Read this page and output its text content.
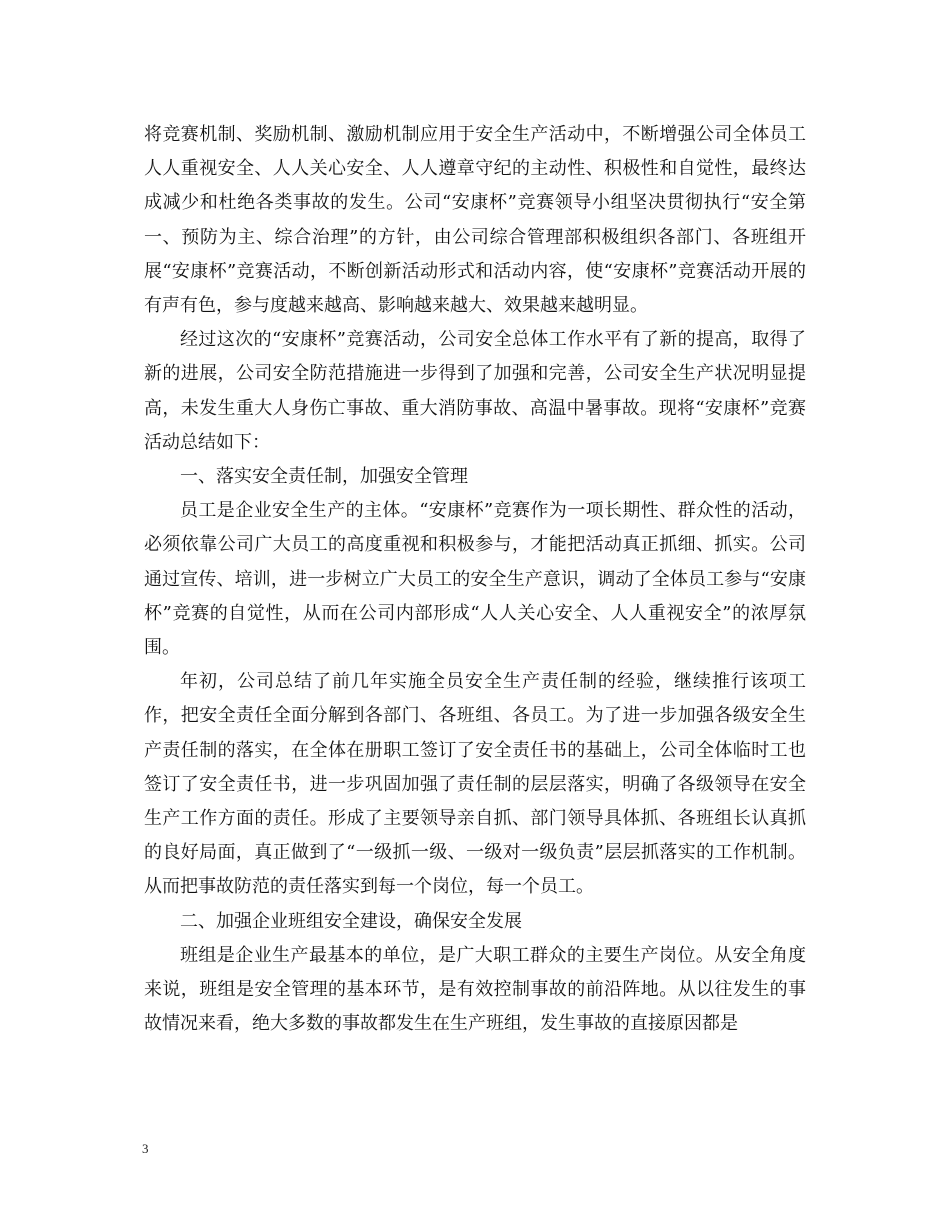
将竞赛机制、奖励机制、激励机制应用于安全生产活动中，不断增强公司全体员工人人重视安全、人人关心安全、人人遵章守纪的主动性、积极性和自觉性，最终达成减少和杜绝各类事故的发生。公司“安康杯”竞赛领导小组坚决贯彻执行“安全第一、预防为主、综合治理”的方针，由公司综合管理部积极组织各部门、各班组开展“安康杯”竞赛活动，不断创新活动形式和活动内容，使“安康杯”竞赛活动开展的有声有色，参与度越来越高、影响越来越大、效果越来越明显。

经过这次的“安康杯”竞赛活动，公司安全总体工作水平有了新的提高，取得了新的进展，公司安全防范措施进一步得到了加强和完善，公司安全生产状况明显提高，未发生重大人身伤亡事故、重大消防事故、高温中暑事故。现将“安康杯”竞赛活动总结如下：

一、落实安全责任制，加强安全管理

员工是企业安全生产的主体。“安康杯”竞赛作为一项长期性、群众性的活动，必须依靠公司广大员工的高度重视和积极参与，才能把活动真正抓细、抓实。公司通过宣传、培训，进一步树立广大员工的安全生产意识，调动了全体员工参与“安康杯”竞赛的自觉性，从而在公司内部形成“人人关心安全、人人重视安全”的浓厚氛围。

年初，公司总结了前几年实施全员安全生产责任制的经验，继续推行该项工作，把安全责任全面分解到各部门、各班组、各员工。为了进一步加强各级安全生产责任制的落实，在全体在册职工签订了安全责任书的基础上，公司全体临时工也签订了安全责任书，进一步巩固加强了责任制的层层落实，明确了各级领导在安全生产工作方面的责任。形成了主要领导亲自抓、部门领导具体抓、各班组长认真抓的良好局面，真正做到了“一级抓一级、一级对一级负责”层层抓落实的工作机制。从而把事故防范的责任落实到每一个岗位，每一个员工。

二、加强企业班组安全建设，确保安全发展

班组是企业生产最基本的单位，是广大职工群众的主要生产岗位。从安全角度来说，班组是安全管理的基本环节，是有效控制事故的前沿阵地。从以往发生的事故情况来看，绝大多数的事故都发生在生产班组，发生事故的直接原因都是

3
